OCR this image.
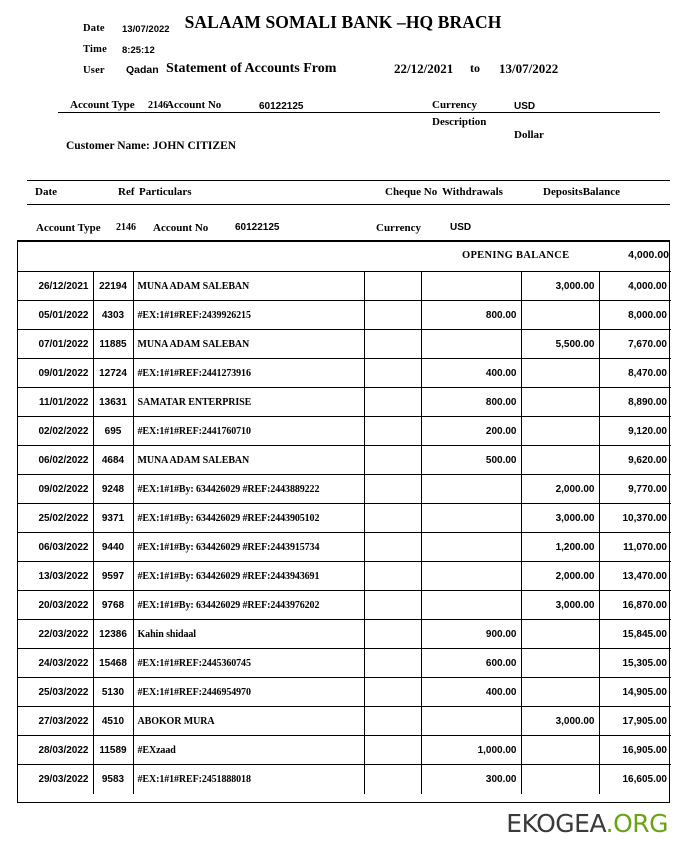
Date 13/07/2022
Time 8:25:12
User Qadan
SALAAM SOMALI BANK –HQ BRACH
Statement of Accounts From	22/12/2021 to 13/07/2022
Account Type 2146
Account No	60122125	Currency	USD
Description
Dollar
Customer Name: JOHN CITIZEN
Date	Ref Particulars	Cheque No Withdrawals	DepositsBalance
Account Type 2146 Account No	60122125	Currency	USD
OPENING BALANCE	4,000.00
26/12/2021	22194	MUNA ADAM SALEBAN			3,000.00	4,000.00
05/01/2022	4303	#EX:1#1#REF:2439926215		800.00		8,000.00
07/01/2022	11885	MUNA ADAM SALEBAN			5,500.00	7,670.00
09/01/2022	12724	#EX:1#1#REF:2441273916		400.00		8,470.00
11/01/2022	13631	SAMATAR ENTERPRISE		800.00		8,890.00
02/02/2022	695	#EX:1#1#REF:2441760710		200.00		9,120.00
06/02/2022	4684	MUNA ADAM SALEBAN		500.00		9,620.00
09/02/2022	9248	#EX:1#1#By: 634426029 #REF:2443889222			2,000.00	9,770.00
25/02/2022	9371	#EX:1#1#By: 634426029 #REF:2443905102			3,000.00	10,370.00
06/03/2022	9440	#EX:1#1#By: 634426029 #REF:2443915734			1,200.00	11,070.00
13/03/2022	9597	#EX:1#1#By: 634426029 #REF:2443943691			2,000.00	13,470.00
20/03/2022	9768	#EX:1#1#By: 634426029 #REF:2443976202			3,000.00	16,870.00
22/03/2022	12386	Kahin shidaal		900.00		15,845.00
24/03/2022	15468	#EX:1#1#REF:2445360745		600.00		15,305.00
25/03/2022	5130	#EX:1#1#REF:2446954970		400.00		14,905.00
27/03/2022	4510	ABOKOR MURA			3,000.00	17,905.00
28/03/2022	11589	#EXzaad		1,000.00		16,905.00
29/03/2022	9583	#EX:1#1#REF:2451888018		300.00		16,605.00
EKOGEA.ORG
